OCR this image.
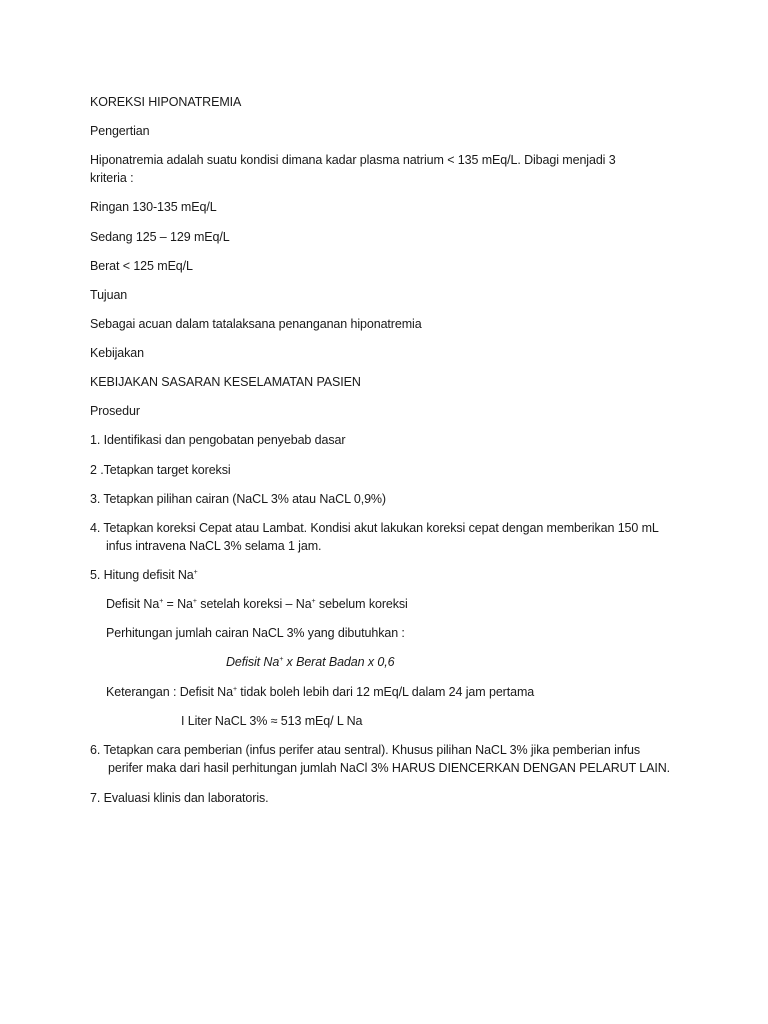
KOREKSI HIPONATREMIA
Pengertian
Hiponatremia adalah suatu kondisi dimana kadar plasma natrium < 135 mEq/L. Dibagi menjadi 3
kriteria :
Ringan 130-135 mEq/L
Sedang 125 – 129 mEq/L
Berat < 125 mEq/L
Tujuan
Sebagai acuan dalam tatalaksana penanganan hiponatremia
Kebijakan
KEBIJAKAN SASARAN KESELAMATAN PASIEN
Prosedur
1. Identifikasi dan pengobatan penyebab dasar
2 .Tetapkan target koreksi
3. Tetapkan pilihan cairan (NaCL 3% atau NaCL 0,9%)
4. Tetapkan koreksi Cepat atau Lambat. Kondisi akut lakukan koreksi cepat dengan memberikan 150 mL
infus intravena NaCL 3% selama 1 jam.
5. Hitung defisit Na+
Defisit Na+ = Na+ setelah koreksi – Na+ sebelum koreksi
Perhitungan jumlah cairan NaCL 3% yang dibutuhkan :
Defisit Na+ x Berat Badan x 0,6
Keterangan : Defisit Na+ tidak boleh lebih dari 12 mEq/L dalam 24 jam pertama
I Liter NaCL 3% ≈ 513 mEq/ L Na
6. Tetapkan cara pemberian (infus perifer atau sentral). Khusus pilihan NaCL 3% jika pemberian infus
perifer maka dari hasil perhitungan jumlah NaCl 3% HARUS DIENCERKAN DENGAN PELARUT LAIN.
7. Evaluasi klinis dan laboratoris.
